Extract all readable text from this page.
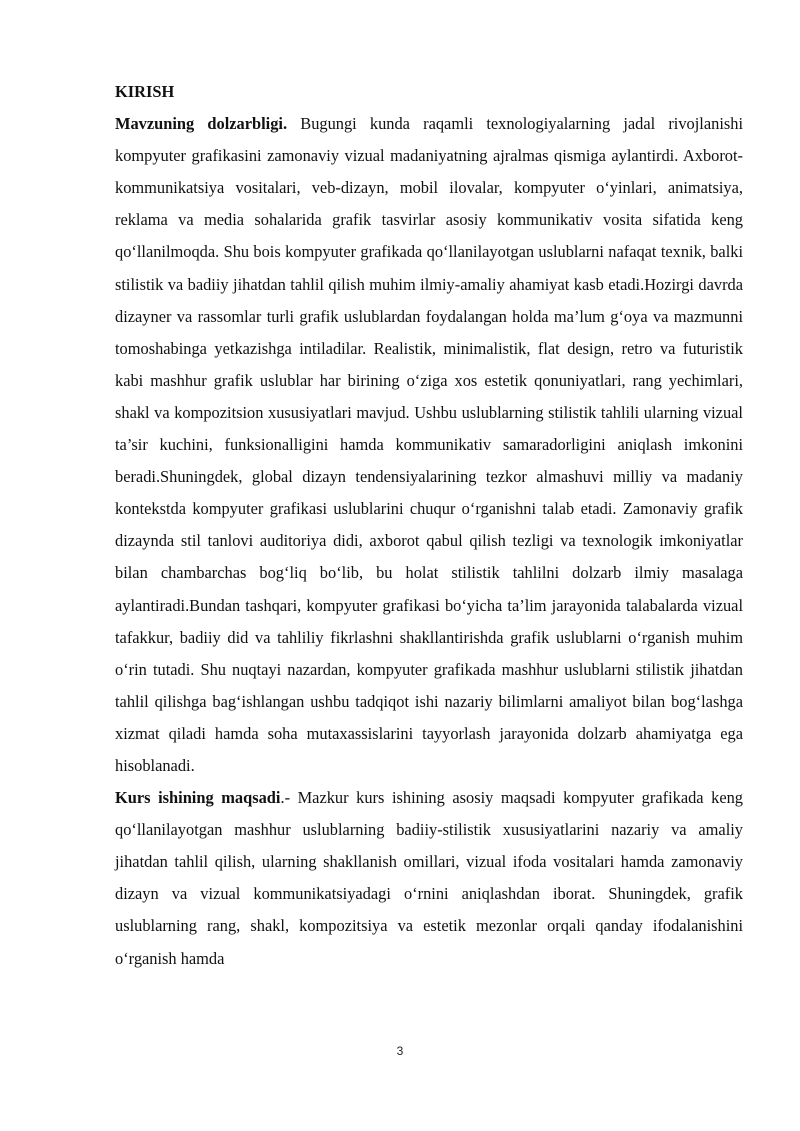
KIRISH

Mavzuning dolzarbligi. Bugungi kunda raqamli texnologiyalarning jadal rivojlanishi kompyuter grafikasini zamonaviy vizual madaniyatning ajralmas qismiga aylantirdi. Axborot-kommunikatsiya vositalari, veb-dizayn, mobil ilovalar, kompyuter o‘yinlari, animatsiya, reklama va media sohalarida grafik tasvirlar asosiy kommunikativ vosita sifatida keng qo‘llanilmoqda. Shu bois kompyuter grafikada qo‘llanilayotgan uslublarni nafaqat texnik, balki stilistik va badiiy jihatdan tahlil qilish muhim ilmiy-amaliy ahamiyat kasb etadi.Hozirgi davrda dizayner va rassomlar turli grafik uslublardan foydalangan holda ma’lum g‘oya va mazmunni tomoshabinga yetkazishga intiladilar. Realistik, minimalistik, flat design, retro va futuristik kabi mashhur grafik uslublar har birining o‘ziga xos estetik qonuniyatlari, rang yechimlari, shakl va kompozitsion xususiyatlari mavjud. Ushbu uslublarning stilistik tahlili ularning vizual ta’sir kuchini, funksionalligini hamda kommunikativ samaradorligini aniqlash imkonini beradi.Shuningdek, global dizayn tendensiyalarining tezkor almashuvi milliy va madaniy kontekstda kompyuter grafikasi uslublarini chuqur o‘rganishni talab etadi. Zamonaviy grafik dizaynda stil tanlovi auditoriya didi, axborot qabul qilish tezligi va texnologik imkoniyatlar bilan chambarchas bog‘liq bo‘lib, bu holat stilistik tahlilni dolzarb ilmiy masalaga aylantiradi.Bundan tashqari, kompyuter grafikasi bo‘yicha ta’lim jarayonida talabalarda vizual tafakkur, badiiy did va tahliliy fikrlashni shakllantirishda grafik uslublarni o‘rganish muhim o‘rin tutadi. Shu nuqtayi nazardan, kompyuter grafikada mashhur uslublarni stilistik jihatdan tahlil qilishga bag‘ishlangan ushbu tadqiqot ishi nazariy bilimlarni amaliyot bilan bog‘lashga xizmat qiladi hamda soha mutaxassislarini tayyorlash jarayonida dolzarb ahamiyatga ega hisoblanadi.

Kurs ishining maqsadi.- Mazkur kurs ishining asosiy maqsadi kompyuter grafikada keng qo‘llanilayotgan mashhur uslublarning badiiy-stilistik xususiyatlarini nazariy va amaliy jihatdan tahlil qilish, ularning shakllanish omillari, vizual ifoda vositalari hamda zamonaviy dizayn va vizual kommunikatsiyadagi o‘rnini aniqlashdan iborat. Shuningdek, grafik uslublarning rang, shakl, kompozitsiya va estetik mezonlar orqali qanday ifodalanishini o‘rganish hamda

3
